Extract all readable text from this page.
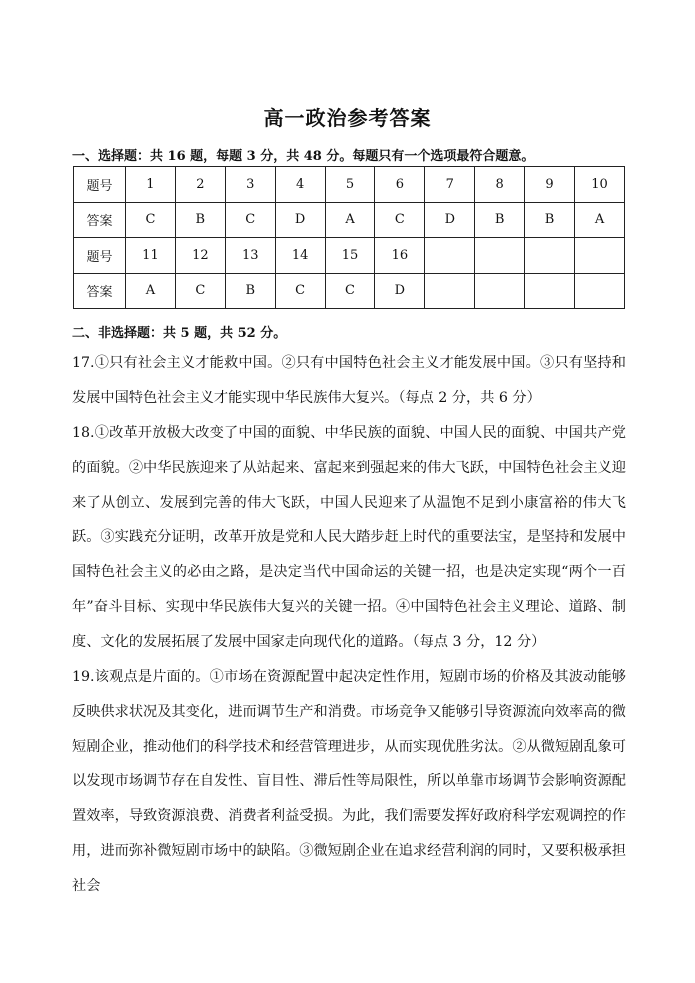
高一政治参考答案
一、选择题：共 16 题，每题 3 分，共 48 分。每题只有一个选项最符合题意。
题号	1	2	3	4	5	6	7	8	9	10
答案	C	B	C	D	A	C	D	B	B	A
题号	11	12	13	14	15	16				
答案	A	C	B	C	C	D				
二、非选择题：共 5 题，共 52 分。
17.①只有社会主义才能救中国。②只有中国特色社会主义才能发展中国。③只有坚持和发展中国特色社会主义才能实现中华民族伟大复兴。（每点 2 分，共 6 分）
18.①改革开放极大改变了中国的面貌、中华民族的面貌、中国人民的面貌、中国共产党的面貌。②中华民族迎来了从站起来、富起来到强起来的伟大飞跃，中国特色社会主义迎来了从创立、发展到完善的伟大飞跃，中国人民迎来了从温饱不足到小康富裕的伟大飞跃。③实践充分证明，改革开放是党和人民大踏步赶上时代的重要法宝，是坚持和发展中国特色社会主义的必由之路，是决定当代中国命运的关键一招，也是决定实现“两个一百年”奋斗目标、实现中华民族伟大复兴的关键一招。④中国特色社会主义理论、道路、制度、文化的发展拓展了发展中国家走向现代化的道路。（每点 3 分，12 分）
19.该观点是片面的。①市场在资源配置中起决定性作用，短剧市场的价格及其波动能够反映供求状况及其变化，进而调节生产和消费。市场竞争又能够引导资源流向效率高的微短剧企业，推动他们的科学技术和经营管理进步，从而实现优胜劣汰。②从微短剧乱象可以发现市场调节存在自发性、盲目性、滞后性等局限性，所以单靠市场调节会影响资源配置效率，导致资源浪费、消费者利益受损。为此，我们需要发挥好政府科学宏观调控的作用，进而弥补微短剧市场中的缺陷。③微短剧企业在追求经营利润的同时，又要积极承担社会
